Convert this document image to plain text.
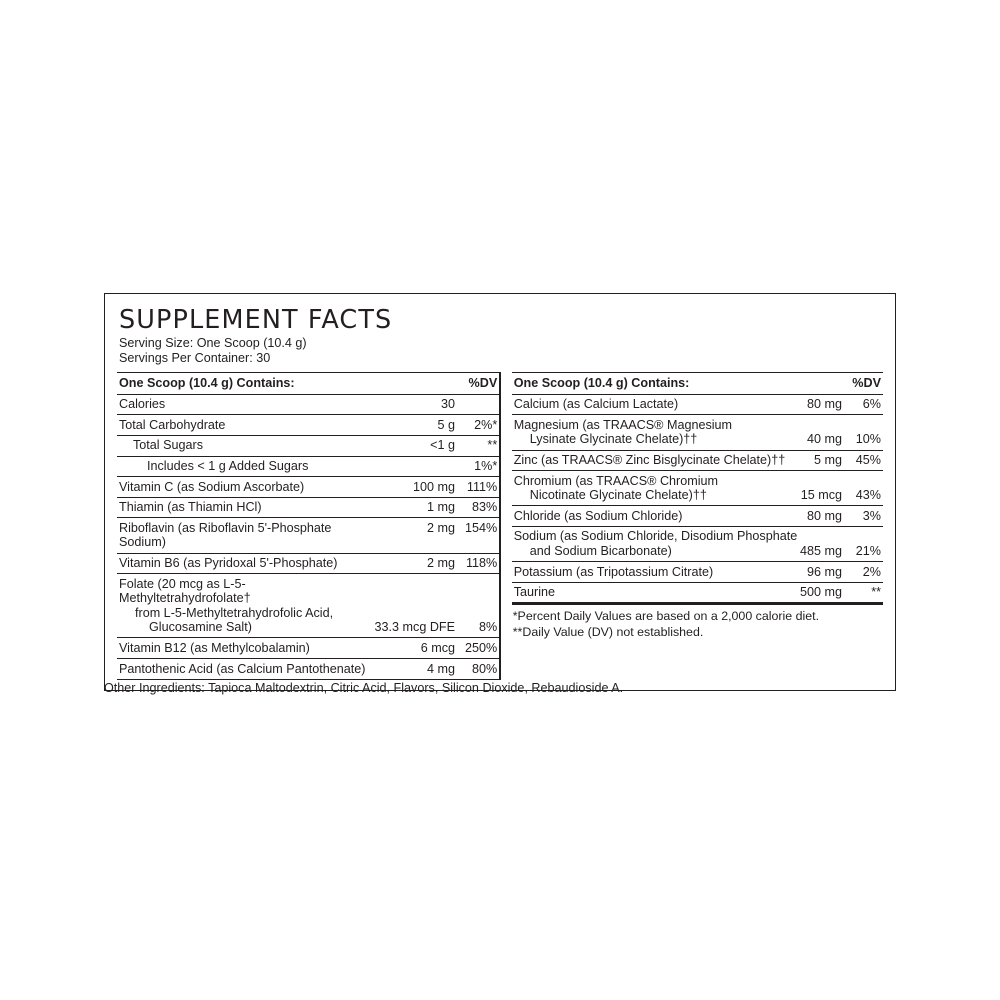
SUPPLEMENT FACTS
Serving Size: One Scoop (10.4 g)
Servings Per Container: 30
One Scoop (10.4 g) Contains:		%DV
Calories	30	
Total Carbohydrate	5 g	2%*
Total Sugars	<1 g	**
Includes < 1 g Added Sugars		1%*
Vitamin C (as Sodium Ascorbate)	100 mg	111%
Thiamin (as Thiamin HCl)	1 mg	83%
Riboflavin (as Riboflavin 5'-Phosphate Sodium)	2 mg	154%
Vitamin B6 (as Pyridoxal 5'-Phosphate)	2 mg	118%

Folate (20 mcg as L-5-Methyltetrahydrofolate†
from L-5-Methyltetrahydrofolic Acid,
Glucosamine Salt)	33.3 mcg DFE	8%
Vitamin B12 (as Methylcobalamin)	6 mcg	250%
Pantothenic Acid (as Calcium Pantothenate)	4 mg	80%
One Scoop (10.4 g) Contains:		%DV
Calcium (as Calcium Lactate)	80 mg	6%

Magnesium (as TRAACS® Magnesium
Lysinate Glycinate Chelate)††	40 mg	10%
Zinc (as TRAACS® Zinc Bisglycinate Chelate)††	5 mg	45%

Chromium (as TRAACS® Chromium
Nicotinate Glycinate Chelate)††	15 mcg	43%
Chloride (as Sodium Chloride)	80 mg	3%

Sodium (as Sodium Chloride, Disodium Phosphate
and Sodium Bicarbonate)	485 mg	21%
Potassium (as Tripotassium Citrate)	96 mg	2%
Taurine	500 mg	**
*Percent Daily Values are based on a 2,000 calorie diet.
**Daily Value (DV) not established.
Other Ingredients: Tapioca Maltodextrin, Citric Acid, Flavors, Silicon Dioxide, Rebaudioside A.
